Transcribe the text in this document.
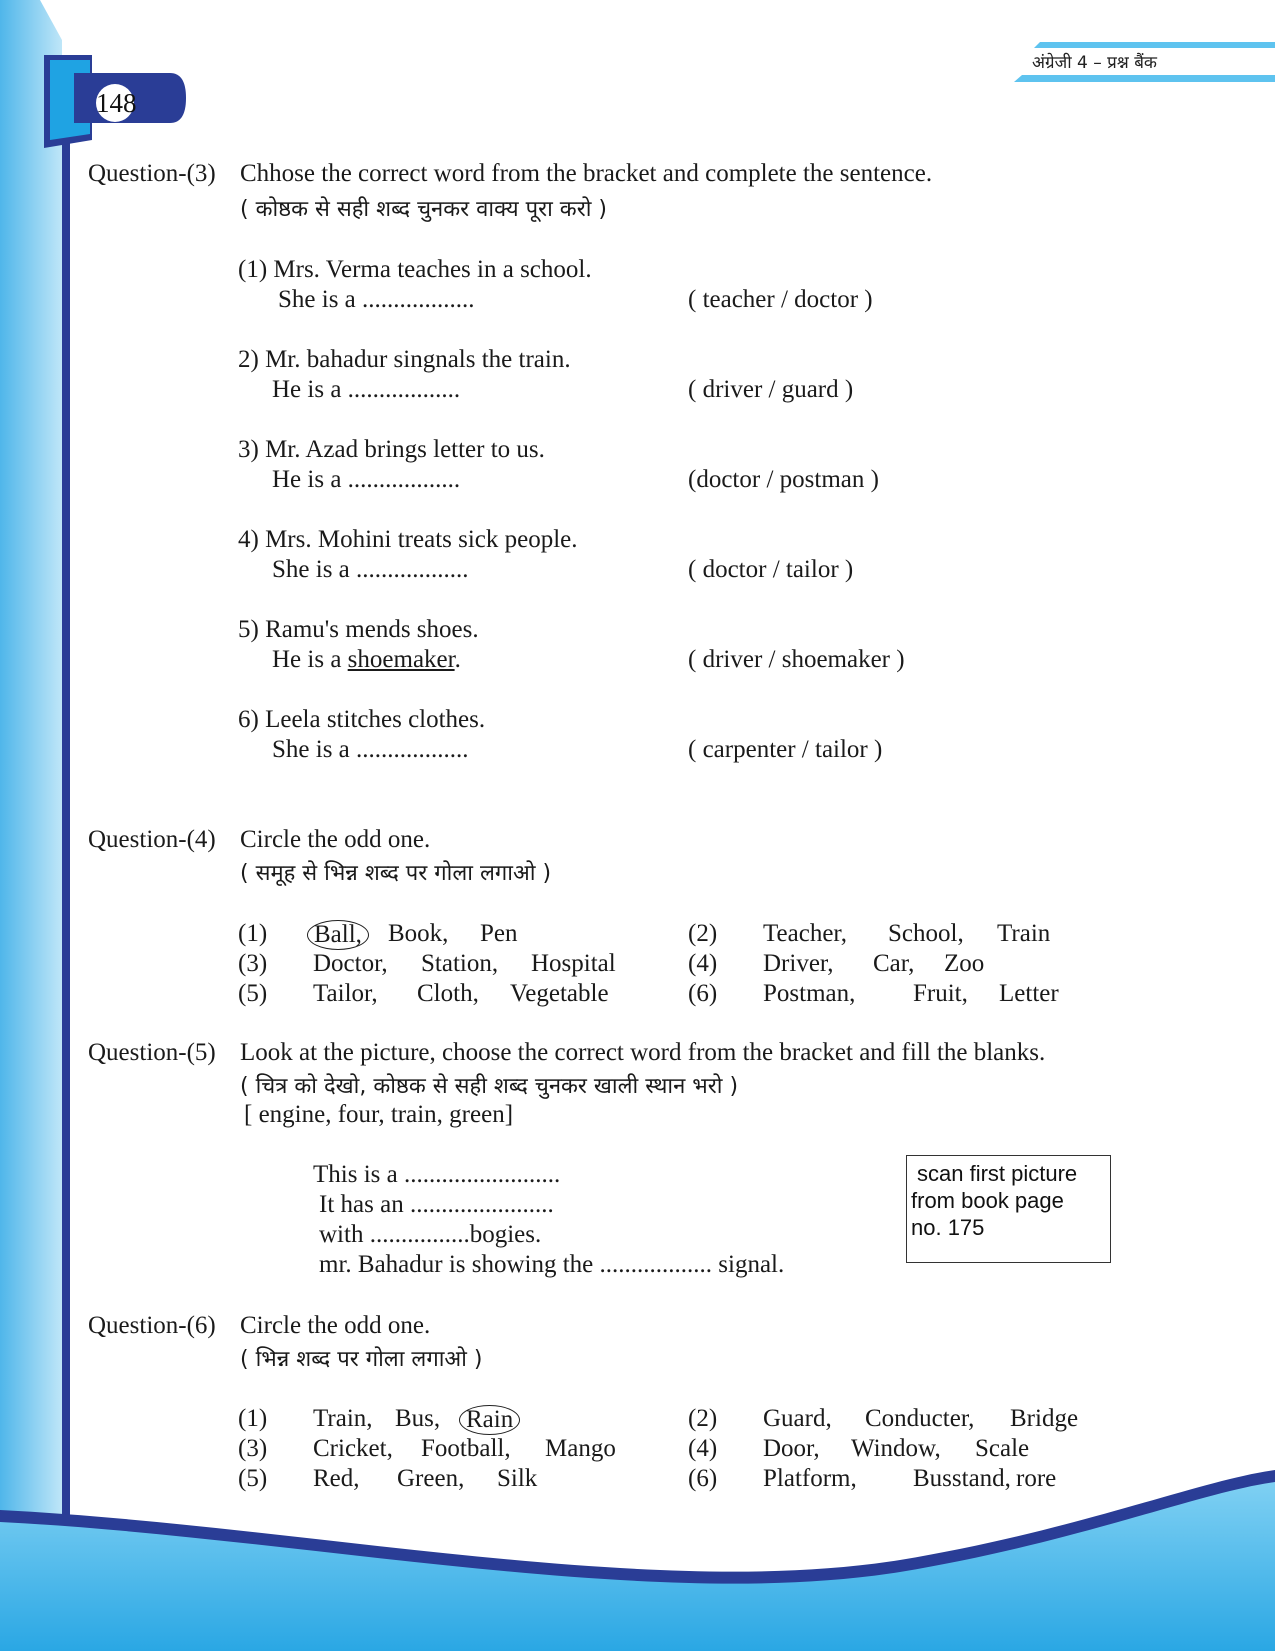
148
अंग्रेजी 4 – प्रश्न बैंक
Question-(3) Chhose the correct word from the bracket and complete the sentence.
( कोष्ठक से सही शब्द चुनकर वाक्य पूरा करो )
(1) Mrs. Verma teaches in a school.
She is a ..................	( teacher / doctor )
2) Mr. bahadur singnals the train.
He is a ..................	( driver / guard )
3) Mr. Azad brings letter to us.
He is a ..................	(doctor / postman )
4) Mrs. Mohini treats sick people.
She is a ..................	( doctor / tailor )
5) Ramu's mends shoes.
He is a shoemaker.	( driver / shoemaker )
6) Leela stitches clothes.
She is a ..................	( carpenter / tailor )
Question-(4) Circle the odd one.
( समूह से भिन्न शब्द पर गोला लगाओ )
(1) Ball, Book, Pen	(2) Teacher, School, Train
(3) Doctor, Station, Hospital	(4) Driver, Car, Zoo
(5) Tailor, Cloth, Vegetable	(6) Postman, Fruit, Letter
Question-(5) Look at the picture, choose the correct word from the bracket and fill the blanks.
( चित्र को देखो, कोष्ठक से सही शब्द चुनकर खाली स्थान भरो )
[ engine, four, train, green]
This is a .........................
It has an .......................
with ................bogies.
mr. Bahadur is showing the .................. signal.
scan first picture
from book page
no. 175
Question-(6) Circle the odd one.
( भिन्न शब्द पर गोला लगाओ )
(1) Train, Bus, Rain	(2) Guard, Conducter, Bridge
(3) Cricket, Football, Mango	(4) Door, Window, Scale
(5) Red, Green, Silk	(6) Platform, Busstand, rore
